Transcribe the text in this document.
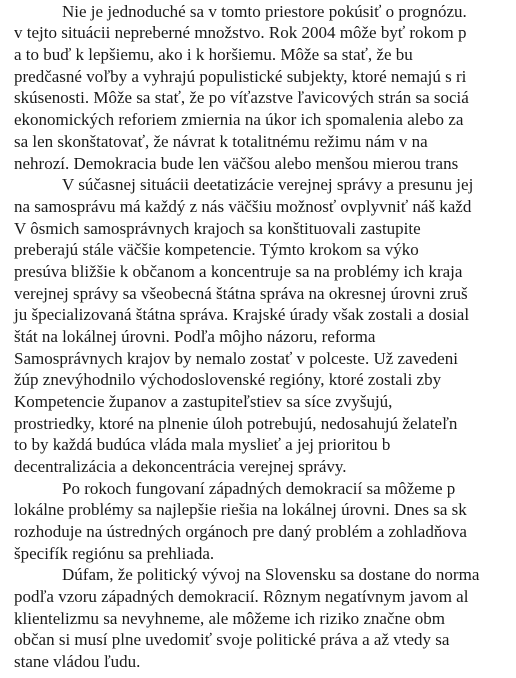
Nie je jednoduché sa v tomto priestore pokúsiť o prognózu.
v tejto situácii nepreberné množstvo. Rok 2004 môže byť rokom p
a to buď k lepšiemu, ako i k horšiemu. Môže sa stať, že bu
predčasné voľby a vyhrajú populistické subjekty, ktoré nemajú s ri
skúsenosti. Môže sa stať, že po víťazstve ľavicových strán sa sociá
ekonomických reforiem zmiernia na úkor ich spomalenia alebo za
sa len skonštatovať, že návrat k totalitnému režimu nám v na
nehrozí. Demokracia bude len väčšou alebo menšou mierou trans
V súčasnej situácii deetatizácie verejnej správy a presunu jej
na samosprávu má každý z nás väčšiu možnosť ovplyvniť náš každ
V ôsmich samosprávnych krajoch sa konštituovali zastupite
preberajú stále väčšie kompetencie. Týmto krokom sa výko
presúva bližšie k občanom a koncentruje sa na problémy ich kraja
verejnej správy sa všeobecná štátna správa na okresnej úrovni zruš
ju špecializovaná štátna správa. Krajské úrady však zostali a dosial
štát na lokálnej úrovni. Podľa môjho názoru, reforma
Samosprávnych krajov by nemalo zostať v polceste. Už zavedeni
žúp znevýhodnilo východoslovenské regióny, ktoré zostali zby
Kompetencie županov a zastupiteľstiev sa síce zvyšujú,
prostriedky, ktoré na plnenie úloh potrebujú, nedosahujú želateľn
to by každá budúca vláda mala myslieť a jej prioritou b
decentralizácia a dekoncentrácia verejnej správy.
Po rokoch fungovaní západných demokracií sa môžeme p
lokálne problémy sa najlepšie riešia na lokálnej úrovni. Dnes sa sk
rozhoduje na ústredných orgánoch pre daný problém a zohladňova
špecifík regiónu sa prehliada.
Dúfam, že politický vývoj na Slovensku sa dostane do norma
podľa vzoru západných demokracií. Rôznym negatívnym javom al
klientelizmu sa nevyhneme, ale môžeme ich riziko značne obm
občan si musí plne uvedomiť svoje politické práva a až vtedy sa
stane vládou ľudu.
